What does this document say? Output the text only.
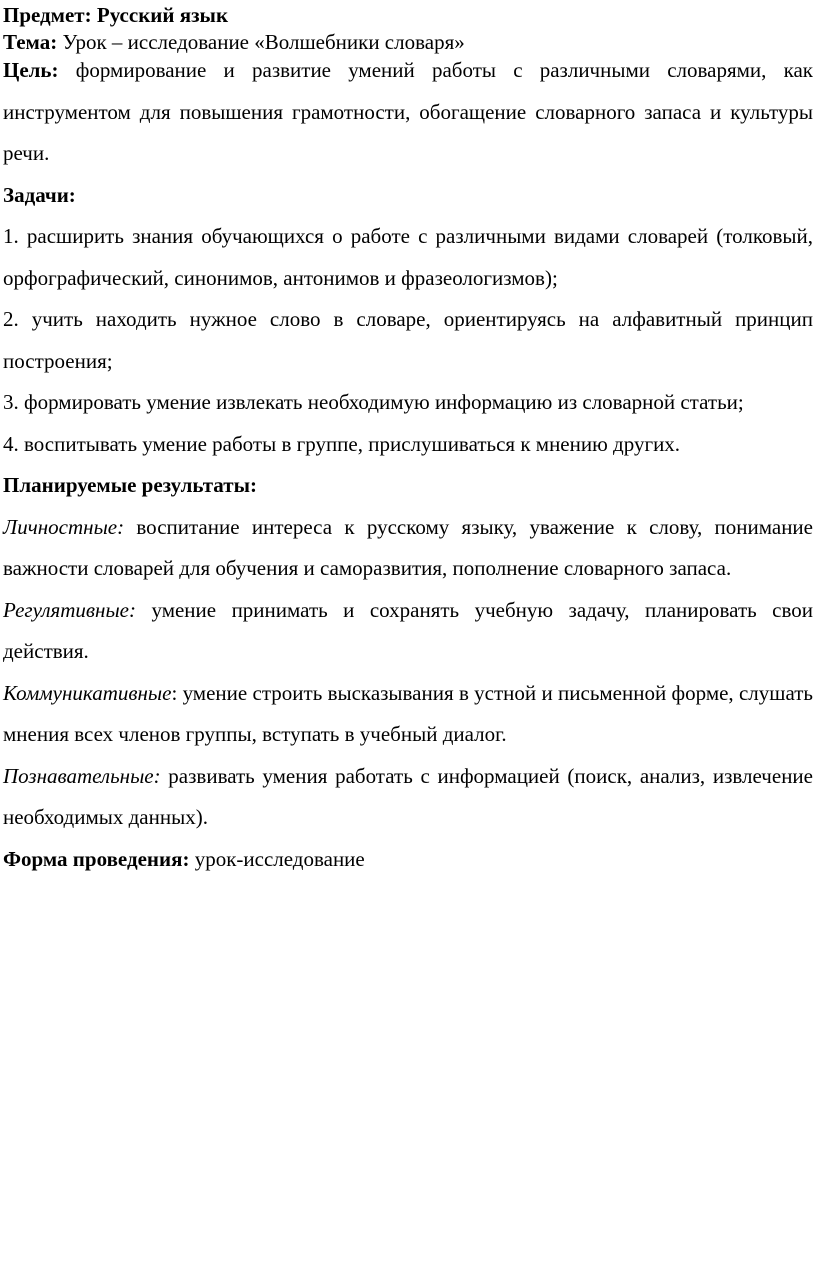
Предмет: Русский язык

Тема: Урок – исследование «Волшебники словаря»

Цель: формирование и развитие умений работы с различными словарями, как инструментом для повышения грамотности, обогащение словарного запаса и культуры речи.

Задачи:

1. расширить знания обучающихся о работе с различными видами словарей (толковый, орфографический, синонимов, антонимов и фразеологизмов);

2. учить находить нужное слово в словаре, ориентируясь на алфавитный принцип построения;

3. формировать умение извлекать необходимую информацию из словарной статьи;

4. воспитывать умение работы в группе, прислушиваться к мнению других.

Планируемые результаты:

Личностные: воспитание интереса к русскому языку, уважение к слову, понимание важности словарей для обучения и саморазвития, пополнение словарного запаса.

Регулятивные: умение принимать и сохранять учебную задачу, планировать свои действия.

Коммуникативные: умение строить высказывания в устной и письменной форме, слушать мнения всех членов группы, вступать в учебный диалог.

Познавательные: развивать умения работать с информацией (поиск, анализ, извлечение необходимых данных).

Форма проведения: урок-исследование
